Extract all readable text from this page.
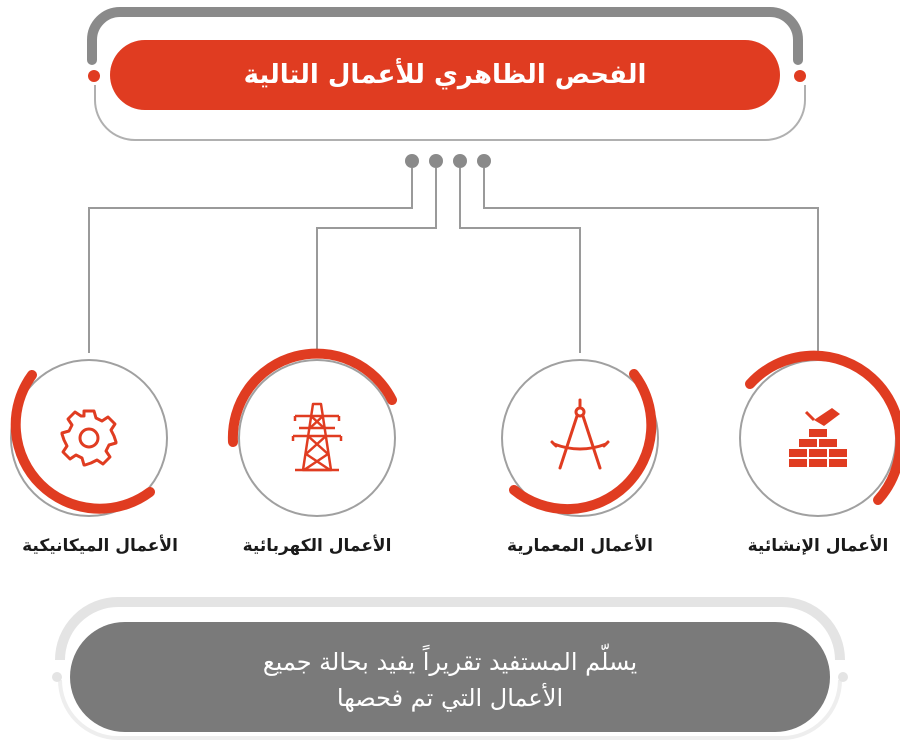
الفحص الظاهري للأعمال التالية
الأعمال الإنشائية
الأعمال المعمارية
الأعمال الكهربائية
الأعمال الميكانيكية
يسلّم المستفيد تقريراً يفيد بحالة جميع
الأعمال التي تم فحصها
